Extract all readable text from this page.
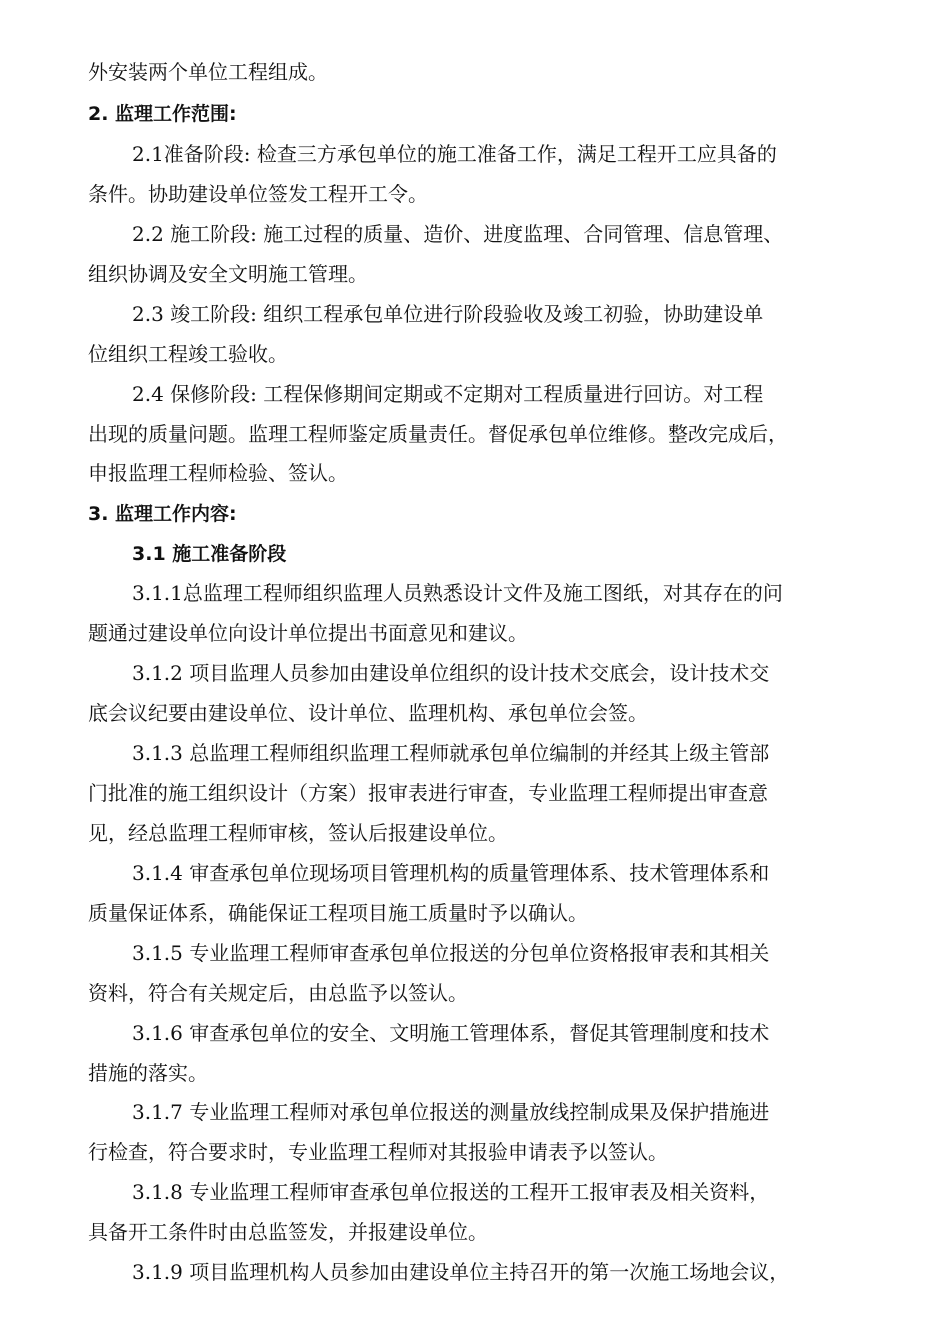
外安装两个单位工程组成。
2. 监理工作范围:
2.1准备阶段: 检查三方承包单位的施工准备工作，满足工程开工应具备的
条件。协助建设单位签发工程开工令。
2.2 施工阶段: 施工过程的质量、造价、进度监理、合同管理、信息管理、
组织协调及安全文明施工管理。
2.3 竣工阶段: 组织工程承包单位进行阶段验收及竣工初验，协助建设单
位组织工程竣工验收。
2.4 保修阶段: 工程保修期间定期或不定期对工程质量进行回访。对工程
出现的质量问题。监理工程师鉴定质量责任。督促承包单位维修。整改完成后，
申报监理工程师检验、签认。
3. 监理工作内容:
3.1 施工准备阶段
3.1.1总监理工程师组织监理人员熟悉设计文件及施工图纸，对其存在的问
题通过建设单位向设计单位提出书面意见和建议。
3.1.2 项目监理人员参加由建设单位组织的设计技术交底会，设计技术交
底会议纪要由建设单位、设计单位、监理机构、承包单位会签。
3.1.3 总监理工程师组织监理工程师就承包单位编制的并经其上级主管部
门批准的施工组织设计（方案）报审表进行审查，专业监理工程师提出审查意
见，经总监理工程师审核，签认后报建设单位。
3.1.4 审查承包单位现场项目管理机构的质量管理体系、技术管理体系和
质量保证体系，确能保证工程项目施工质量时予以确认。
3.1.5 专业监理工程师审查承包单位报送的分包单位资格报审表和其相关
资料，符合有关规定后，由总监予以签认。
3.1.6 审查承包单位的安全、文明施工管理体系，督促其管理制度和技术
措施的落实。
3.1.7 专业监理工程师对承包单位报送的测量放线控制成果及保护措施进
行检查，符合要求时，专业监理工程师对其报验申请表予以签认。
3.1.8 专业监理工程师审查承包单位报送的工程开工报审表及相关资料，
具备开工条件时由总监签发，并报建设单位。
3.1.9 项目监理机构人员参加由建设单位主持召开的第一次施工场地会议，
